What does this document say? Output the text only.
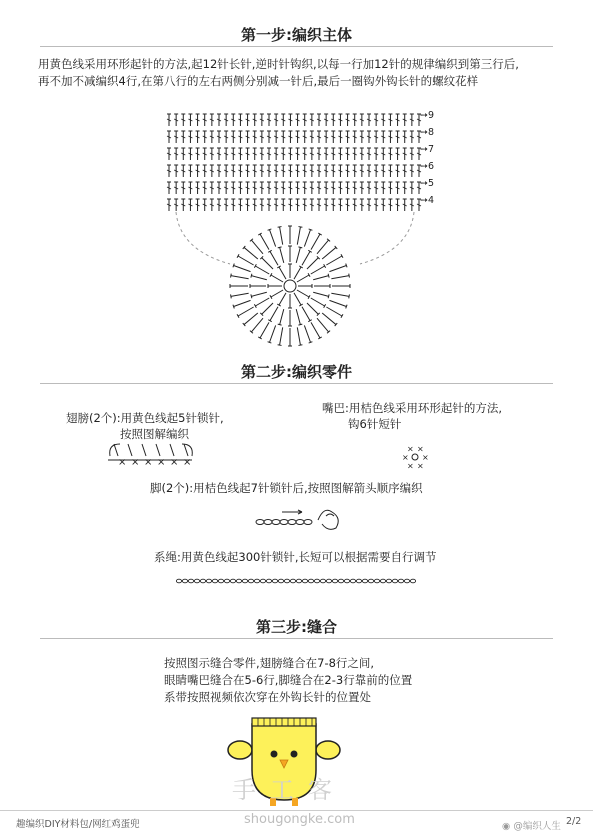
第一步:编织主体
用黄色线采用环形起针的方法,起12针长针,逆时针钩织,以每一行加12针的规律编织到第三行后,
再不加不减编织4行,在第八行的左右两侧分别减一针后,最后一圈钩外钩长针的螺纹花样
➙9
➙8
➙7
➙6
➙5
➙4
第二步:编织零件
翅膀(2个):用黄色线起5针锁针,
按照图解编织
× × × × × ×
嘴巴:用桔色线采用环形起针的方法,
钩6针短针
×
×
×
×
× ×
脚(2个):用桔色线起7针锁针后,按照图解箭头顺序编织
系绳:用黄色线起300针锁针,长短可以根据需要自行调节
第三步:缝合
按照图示缝合零件,翅膀缝合在7-8行之间,
眼睛嘴巴缝合在5-6行,脚缝合在2-3行靠前的位置
系带按照视频依次穿在外钩长针的位置处
手工客
shougongke.com
趣编织DIY材料包/网红鸡蛋兜	2/2
◉ @编织人生
